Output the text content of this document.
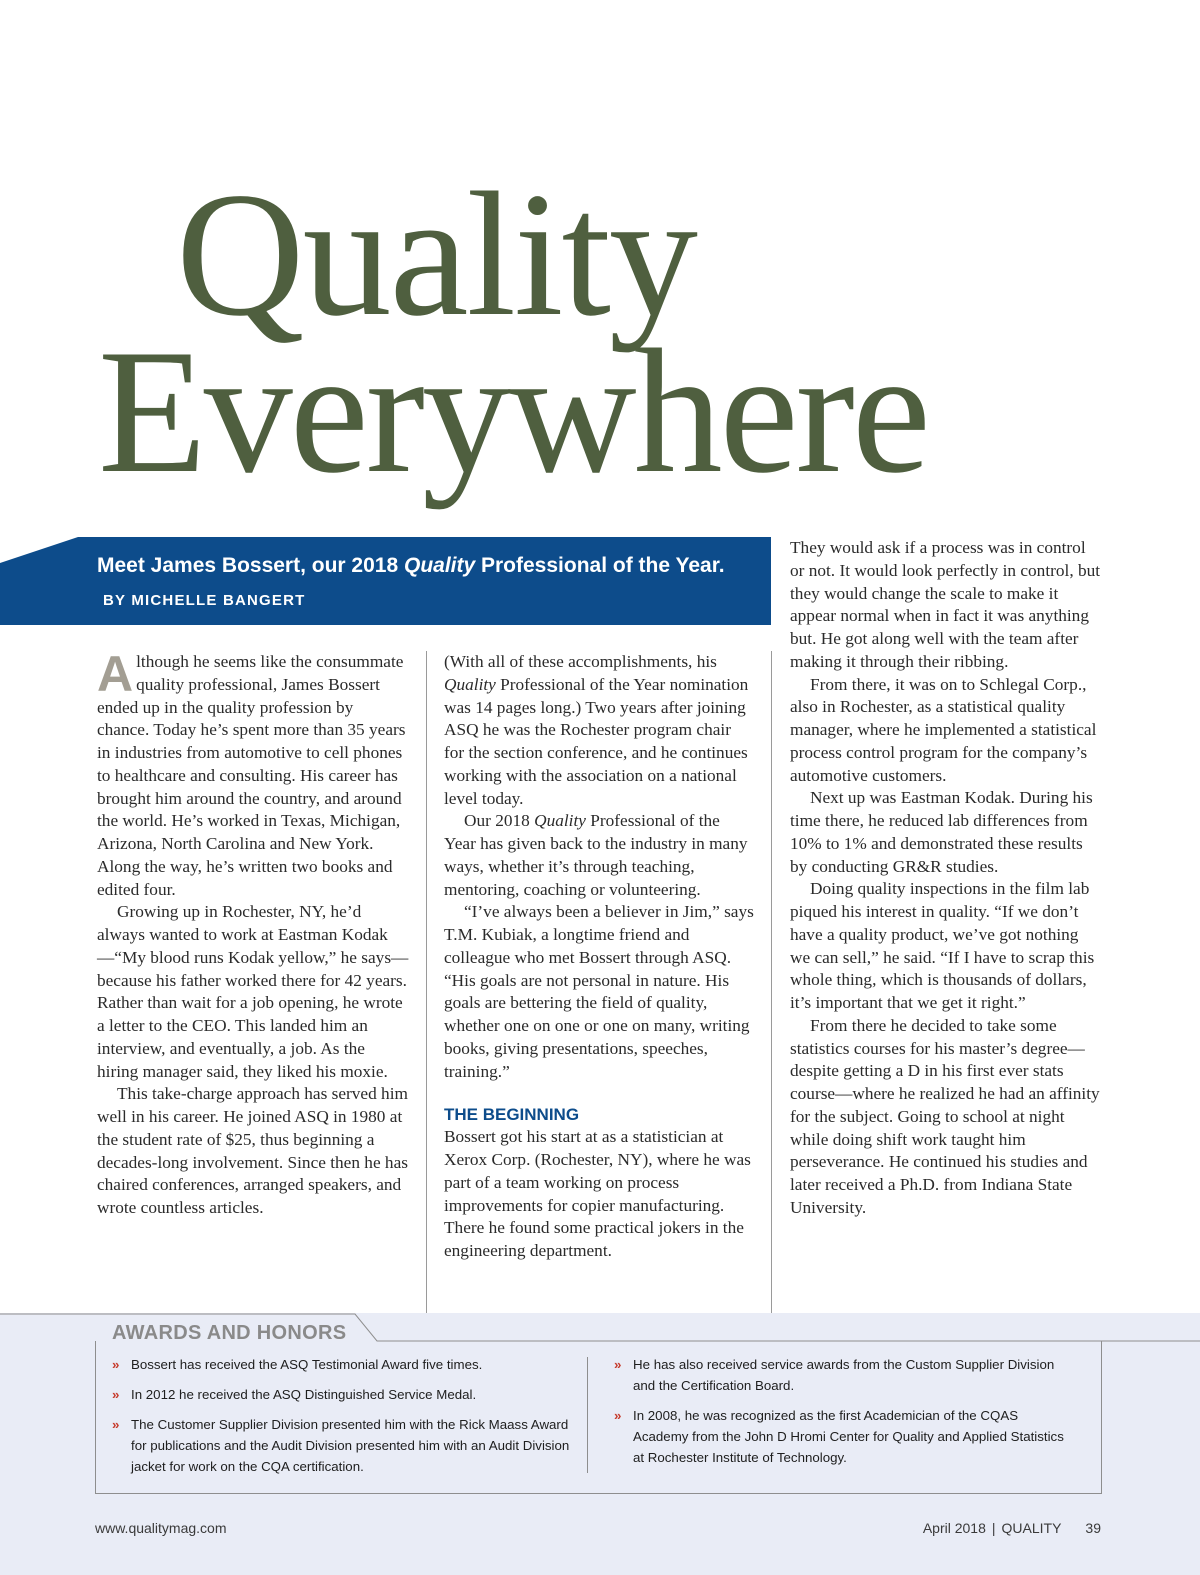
Quality
Everywhere
Meet James Bossert, our 2018 Quality Professional of the Year. BY MICHELLE BANGERT

Although he seems like the consummate quality professional, James Bossert ended up in the quality profession by chance. Today he’s spent more than 35 years in industries from automotive to cell phones to healthcare and consulting. His career has brought him around the country, and around the world. He’s worked in Texas, Michigan, Arizona, North Carolina and New York. Along the way, he’s written two books and edited four.

Growing up in Rochester, NY, he’d always wanted to work at Eastman Kodak—“My blood runs Kodak yellow,” he says—because his father worked there for 42 years. Rather than wait for a job opening, he wrote a letter to the CEO. This landed him an interview, and eventually, a job. As the hiring manager said, they liked his moxie.

This take-charge approach has served him well in his career. He joined ASQ in 1980 at the student rate of $25, thus beginning a decades-long involvement. Since then he has chaired conferences, arranged speakers, and wrote countless articles.

(With all of these accomplishments, his Quality Professional of the Year nomination was 14 pages long.) Two years after joining ASQ he was the Rochester program chair for the section conference, and he continues working with the association on a national level today.

Our 2018 Quality Professional of the Year has given back to the industry in many ways, whether it’s through teaching, mentoring, coaching or volunteering.

“I’ve always been a believer in Jim,” says T.M. Kubiak, a longtime friend and colleague who met Bossert through ASQ. “His goals are not personal in nature. His goals are bettering the field of quality, whether one on one or one on many, writing books, giving presentations, speeches, training.”

THE BEGINNING

Bossert got his start at as a statistician at Xerox Corp. (Rochester, NY), where he was part of a team working on process improvements for copier manufacturing. There he found some practical jokers in the engineering department.

They would ask if a process was in control or not. It would look perfectly in control, but they would change the scale to make it appear normal when in fact it was anything but. He got along well with the team after making it through their ribbing.

From there, it was on to Schlegal Corp., also in Rochester, as a statistical quality manager, where he implemented a statistical process control program for the company’s automotive customers.

Next up was Eastman Kodak. During his time there, he reduced lab differences from 10% to 1% and demonstrated these results by conducting GR&R studies.

Doing quality inspections in the film lab piqued his interest in quality. “If we don’t have a quality product, we’ve got nothing we can sell,” he said. “If I have to scrap this whole thing, which is thousands of dollars, it’s important that we get it right.”

From there he decided to take some statistics courses for his master’s degree—despite getting a D in his first ever stats course—where he realized he had an affinity for the subject. Going to school at night while doing shift work taught him perseverance. He continued his studies and later received a Ph.D. from Indiana State University.

AWARDS AND HONORS
» Bossert has received the ASQ Testimonial Award five times.
» In 2012 he received the ASQ Distinguished Service Medal.
» The Customer Supplier Division presented him with the Rick Maass Award for publications and the Audit Division presented him with an Audit Division jacket for work on the CQA certification.
» He has also received service awards from the Custom Supplier Division and the Certification Board.
» In 2008, he was recognized as the first Academician of the CQAS Academy from the John D Hromi Center for Quality and Applied Statistics at Rochester Institute of Technology.
www.qualitymag.com	April 2018 | QUALITY 39
